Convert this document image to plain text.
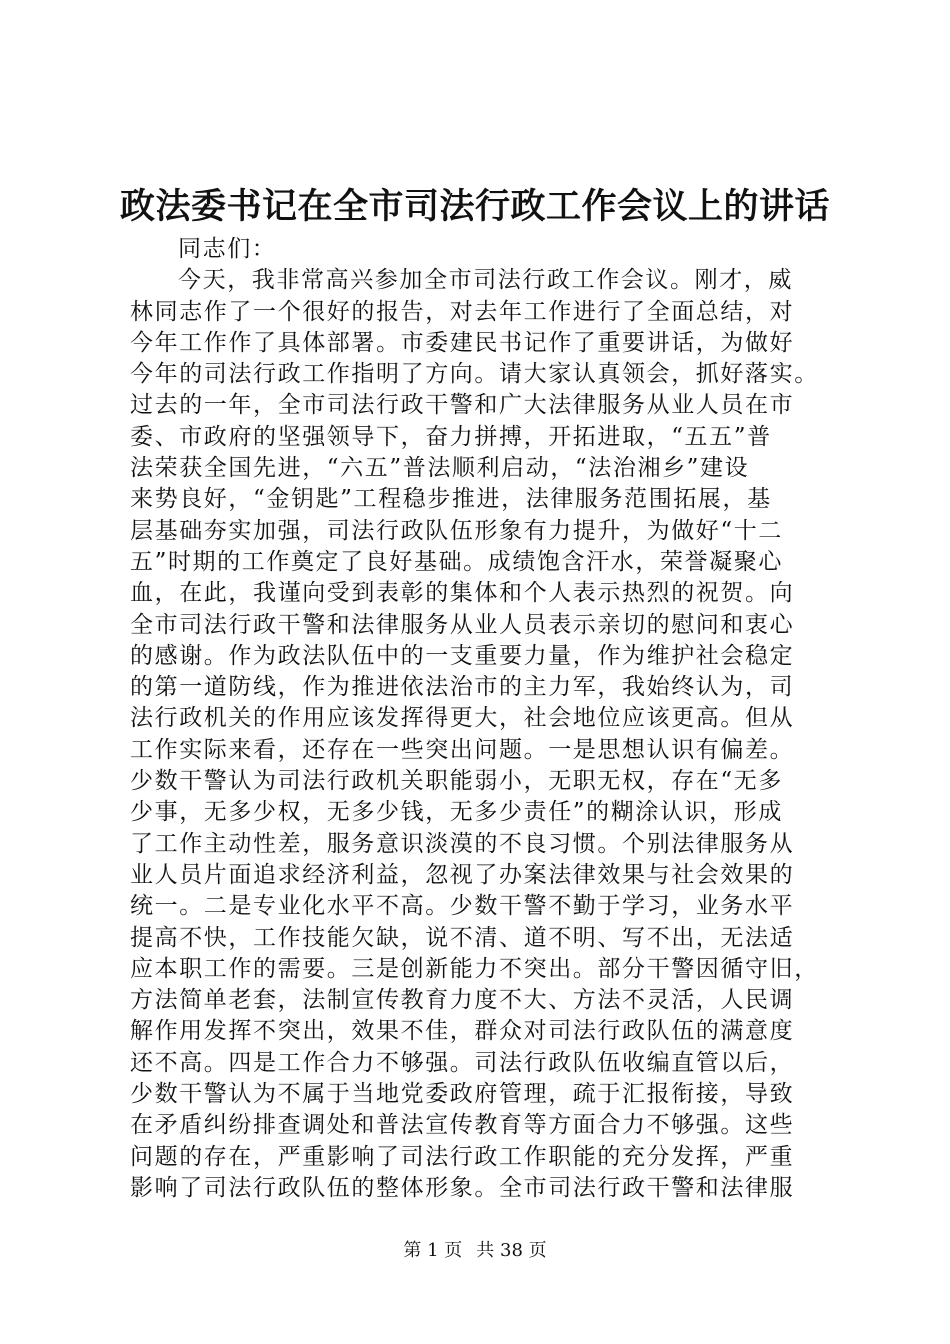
政法委书记在全市司法行政工作会议上的讲话
同志们：
今天，我非常高兴参加全市司法行政工作会议。刚才，威
林同志作了一个很好的报告，对去年工作进行了全面总结，对
今年工作作了具体部署。市委建民书记作了重要讲话，为做好
今年的司法行政工作指明了方向。请大家认真领会，抓好落实。
过去的一年，全市司法行政干警和广大法律服务从业人员在市
委、市政府的坚强领导下，奋力拼搏，开拓进取，“五五”普
法荣获全国先进，“六五”普法顺利启动，“法治湘乡”建设
来势良好，“金钥匙”工程稳步推进，法律服务范围拓展，基
层基础夯实加强，司法行政队伍形象有力提升，为做好“十二
五”时期的工作奠定了良好基础。成绩饱含汗水，荣誉凝聚心
血，在此，我谨向受到表彰的集体和个人表示热烈的祝贺。向
全市司法行政干警和法律服务从业人员表示亲切的慰问和衷心
的感谢。作为政法队伍中的一支重要力量，作为维护社会稳定
的第一道防线，作为推进依法治市的主力军，我始终认为，司
法行政机关的作用应该发挥得更大，社会地位应该更高。但从
工作实际来看，还存在一些突出问题。一是思想认识有偏差。
少数干警认为司法行政机关职能弱小，无职无权，存在“无多
少事，无多少权，无多少钱，无多少责任”的糊涂认识，形成
了工作主动性差，服务意识淡漠的不良习惯。个别法律服务从
业人员片面追求经济利益，忽视了办案法律效果与社会效果的
统一。二是专业化水平不高。少数干警不勤于学习，业务水平
提高不快，工作技能欠缺，说不清、道不明、写不出，无法适
应本职工作的需要。三是创新能力不突出。部分干警因循守旧，
方法简单老套，法制宣传教育力度不大、方法不灵活，人民调
解作用发挥不突出，效果不佳，群众对司法行政队伍的满意度
还不高。四是工作合力不够强。司法行政队伍收编直管以后，
少数干警认为不属于当地党委政府管理，疏于汇报衔接，导致
在矛盾纠纷排查调处和普法宣传教育等方面合力不够强。这些
问题的存在，严重影响了司法行政工作职能的充分发挥，严重
影响了司法行政队伍的整体形象。全市司法行政干警和法律服
第 1 页 共 38 页
